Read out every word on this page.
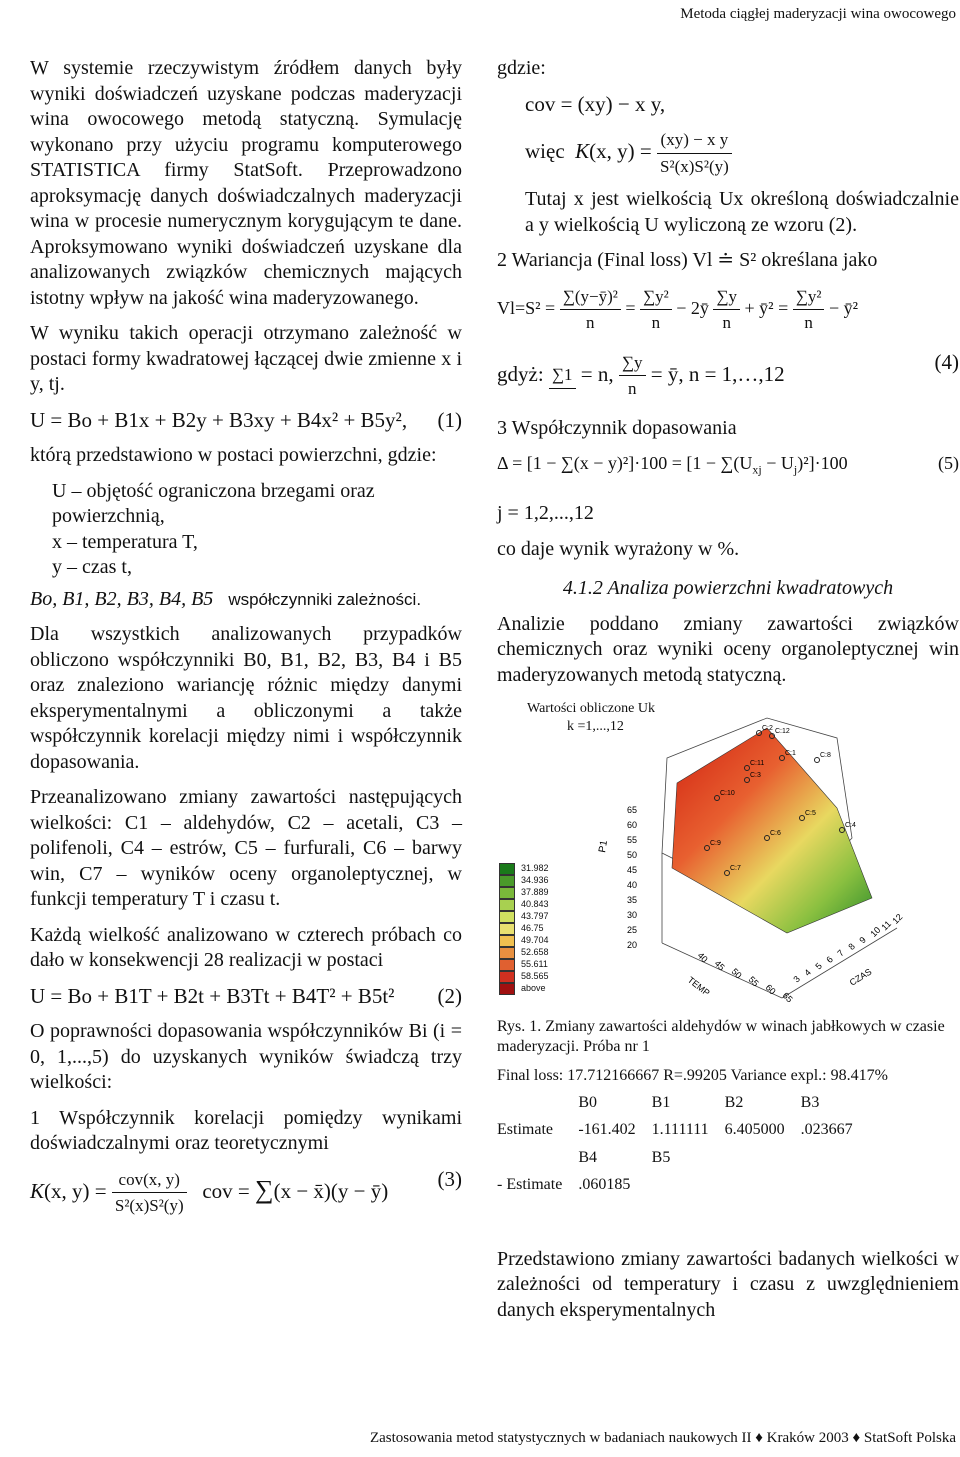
Metoda ciągłej maderyzacji wina owocowego

W systemie rzeczywistym źródłem danych były wyniki doświadczeń uzyskane podczas maderyzacji wina owocowego metodą statyczną. Symulację wykonano przy użyciu programu komputerowego STATISTICA firmy StatSoft. Przeprowadzono aproksymację danych doświadczalnych maderyzacji wina w procesie numerycznym korygującym te dane. Aproksymowano wyniki doświadczeń uzyskane dla analizowanych związków chemicznych mających istotny wpływ na jakość wina maderyzowanego.

W wyniku takich operacji otrzymano zależność w postaci formy kwadratowej łączącej dwie zmienne x i y, tj.

U = Bo + B1x + B2y + B3xy + B4x² + B5y², (1)

którą przedstawiono w postaci powierzchni, gdzie:

U – objętość ograniczona brzegami oraz powierzchnią,
x – temperatura T,
y – czas t,
Bo, B1, B2, B3, B4, B5 współczynniki zależności.

Dla wszystkich analizowanych przypadków obliczono współczynniki B0, B1, B2, B3, B4 i B5 oraz znaleziono wariancję różnic między danymi eksperymentalnymi a obliczonymi a także współczynnik korelacji między nimi i współczynnik dopasowania.

Przeanalizowano zmiany zawartości następujących wielkości: C1 – aldehydów, C2 – acetali, C3 – polifenoli, C4 – estrów, C5 – furfurali, C6 – barwy win, C7 – wyników oceny organoleptycznej, w funkcji temperatury T i czasu t.

Każdą wielkość analizowano w czterech próbach co dało w konsekwencji 28 realizacji w postaci

U = Bo + B1T + B2t + B3Tt + B4T² + B5t² (2)

O poprawności dopasowania współczynników Bi (i = 0, 1,...,5) do uzyskanych wyników świadczą trzy wielkości:

1 Współczynnik korelacji pomiędzy wynikami doświadczalnymi oraz teoretycznymi

K(x, $y) = \frac{\text{cov(x, y)}}{\text{S²(x)S²(y)}}$ cov = ∑(x − x̄)(y − ȳ) (3)
gdzie:
cov = (xy) − x y,
więc K(x, $y) = \frac{\text{(xy) − x y}}{\text{S²(x)S²(y)}}$

Tutaj x jest wielkością Ux określoną doświadczalnie a y wielkością U wyliczoną ze wzoru (2).

2 Wariancja (Final loss) Vl ≐ S² określana jako

$Vl=S^2 = \frac{\text{∑(y−ȳ)²}}{n} = \frac{\text{∑y²}}{n}$ − 2ȳ $\frac{\sum y}{n}$ + ȳ² = $\frac{\text{∑y²}}{n}$ − ȳ²
gdyż: ∑1 = n, $\frac{\sum y}{n}$ = ȳ, n = 1,…,12	(4)

3 Współczynnik dopasowania

$\Delta = [1 - \sum(x - y)^2]\cdot 100 = [1 - \sum(U_{xj} - U_j)^2]\cdot 100$	(5)
j = 1,2,...,12

co daje wynik wyrażony w %.

4.1.2 Analiza powierzchni kwadratowych

Analizie poddano zmiany zawartości związków chemicznych oraz wyniki oceny organoleptycznej win maderyzowanych metodą statyczną.

Wartości obliczone Uk
k =1,...,12
65
60
55
50
45
40
35
30
25
20
40
45
50
55
60
65
3
4
5
6
7
8
9
10
11
12
C:1
C:2
C:3
C:4
C:5
C:6
C:7
C:8
C:9
C:10
C:11
C:12
P1
TEMP	CZAS
31.982
34.936
37.889
40.843
43.797
46.75
49.704
52.658
55.611
58.565
above
Rys. 1. Zmiany zawartości aldehydów w winach jabłkowych w czasie maderyzacji. Próba nr 1
Final loss: 17.712166667 R=.99205 Variance expl.: 98.417%
	B0	B1	B2	B3
Estimate	-161.402	1.111111	6.405000	.023667
	B4	B5		
- Estimate	.060185			

Przedstawiono zmiany zawartości badanych wielkości w zależności od temperatury i czasu z uwzględnieniem danych eksperymentalnych

Zastosowania metod statystycznych w badaniach naukowych II ♦ Kraków 2003 ♦ StatSoft Polska
